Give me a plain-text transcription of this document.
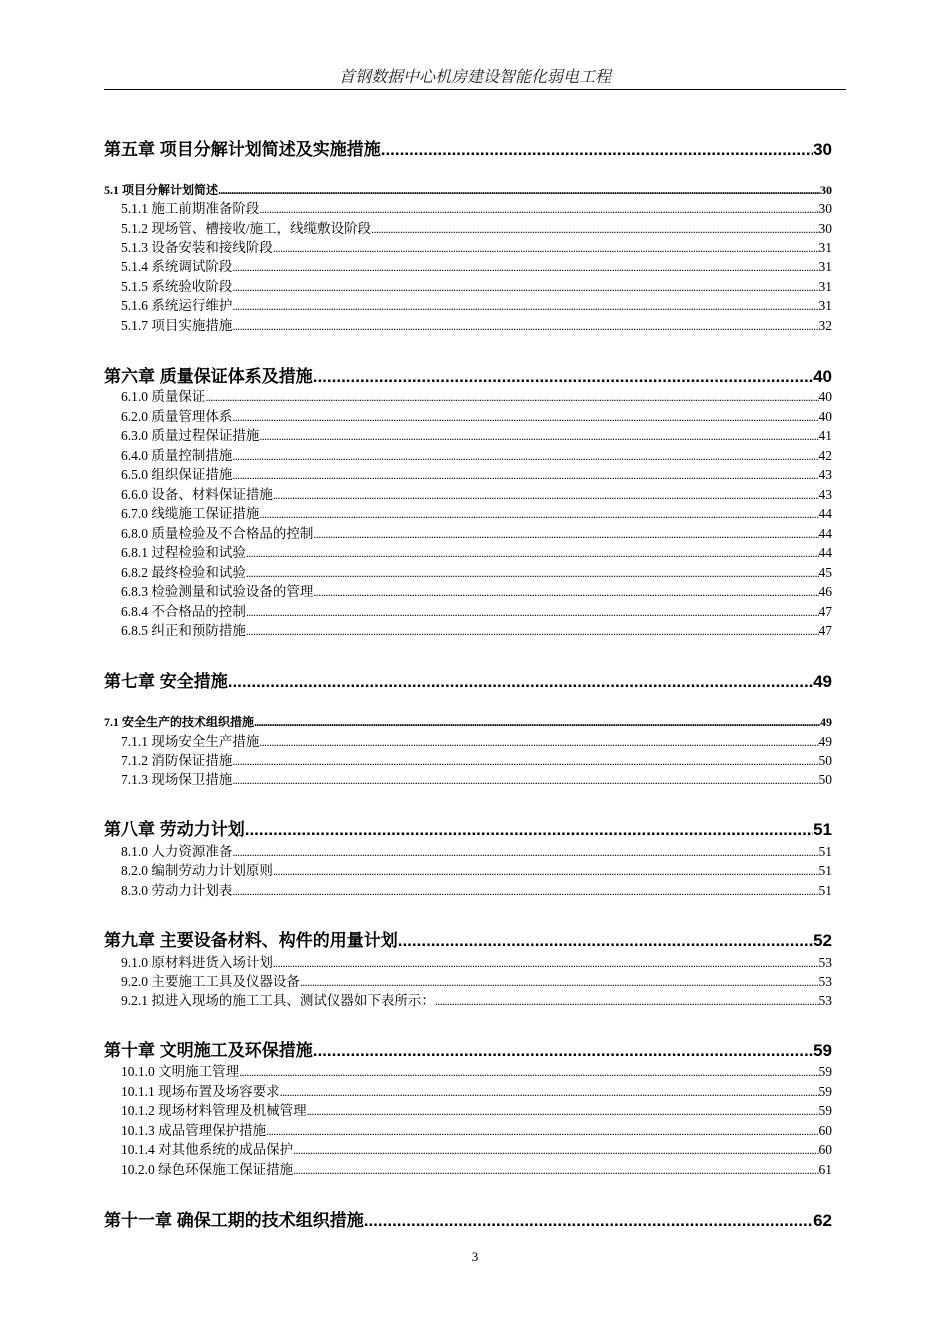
首钢数据中心机房建设智能化弱电工程
第五章 项目分解计划简述及实施措施 .....	30
5.1 项目分解计划简述 .....	30
5.1.1 施工前期准备阶段 .....	30
5.1.2 现场管、槽接收/施工，线缆敷设阶段 .....	30
5.1.3 设备安装和接线阶段 .....	31
5.1.4 系统调试阶段 .....	31
5.1.5 系统验收阶段 .....	31
5.1.6 系统运行维护 .....	31
5.1.7 项目实施措施 .....	32
第六章 质量保证体系及措施 .....	40
6.1.0 质量保证 .....	40
6.2.0 质量管理体系 .....	40
6.3.0 质量过程保证措施 .....	41
6.4.0 质量控制措施 .....	42
6.5.0 组织保证措施 .....	43
6.6.0 设备、材料保证措施 .....	43
6.7.0 线缆施工保证措施 .....	44
6.8.0 质量检验及不合格品的控制 .....	44
6.8.1 过程检验和试验 .....	44
6.8.2 最终检验和试验 .....	45
6.8.3 检验测量和试验设备的管理 .....	46
6.8.4 不合格品的控制 .....	47
6.8.5 纠正和预防措施 .....	47
第七章 安全措施 .....	49
7.1 安全生产的技术组织措施 .....	49
7.1.1 现场安全生产措施 .....	49
7.1.2 消防保证措施 .....	50
7.1.3 现场保卫措施 .....	50
第八章 劳动力计划 .....	51
8.1.0 人力资源准备 .....	51
8.2.0 编制劳动力计划原则 .....	51
8.3.0 劳动力计划表 .....	51
第九章 主要设备材料、构件的用量计划 .....	52
9.1.0 原材料进货入场计划 .....	53
9.2.0 主要施工工具及仪器设备 .....	53
9.2.1 拟进入现场的施工工具、测试仪器如下表所示： .....	53
第十章 文明施工及环保措施 .....	59
10.1.0 文明施工管理 .....	59
10.1.1 现场布置及场容要求 .....	59
10.1.2 现场材料管理及机械管理 .....	59
10.1.3 成品管理保护措施 .....	60
10.1.4 对其他系统的成品保护 .....	60
10.2.0 绿色环保施工保证措施 .....	61
第十一章 确保工期的技术组织措施 .....	62
3
